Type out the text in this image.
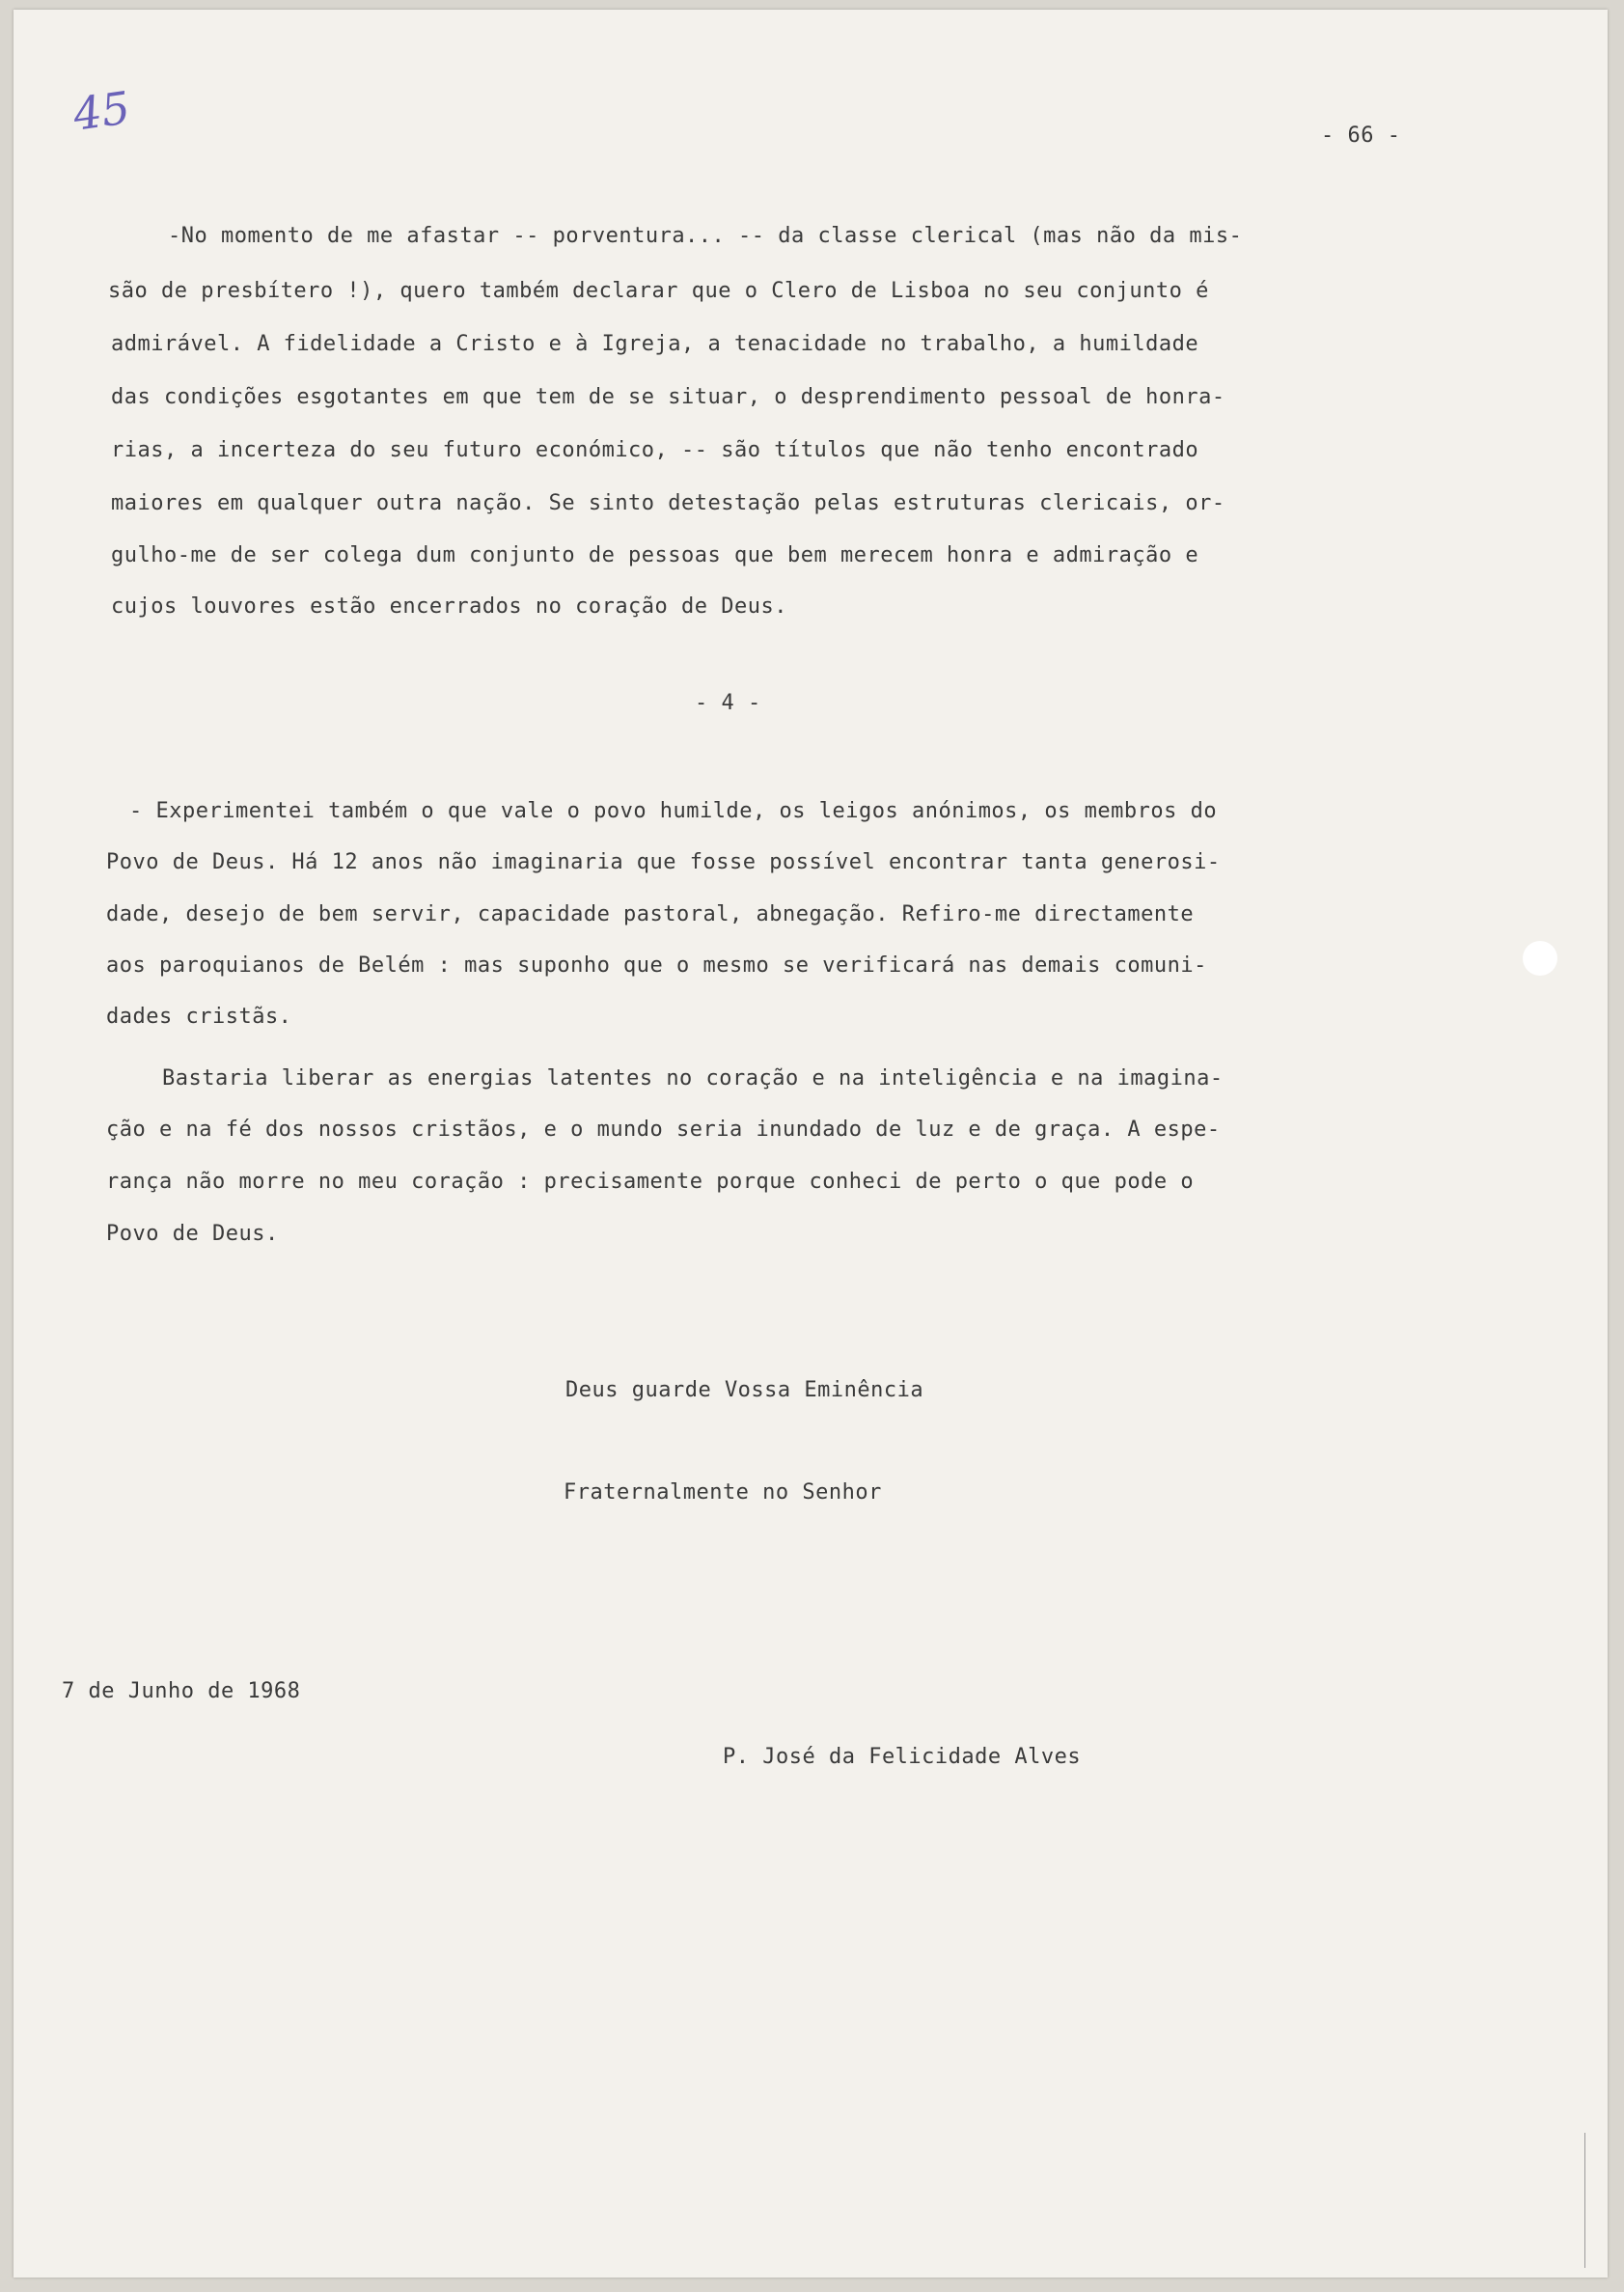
45	- 66 -
-No momento de me afastar -- porventura... -- da classe clerical (mas não da mis-
são de presbítero !), quero também declarar que o Clero de Lisboa no seu conjunto é
admirável. A fidelidade a Cristo e à Igreja, a tenacidade no trabalho, a humildade
das condições esgotantes em que tem de se situar, o desprendimento pessoal de honra-
rias, a incerteza do seu futuro económico, -- são títulos que não tenho encontrado
maiores em qualquer outra nação. Se sinto detestação pelas estruturas clericais, or-
gulho-me de ser colega dum conjunto de pessoas que bem merecem honra e admiração e
cujos louvores estão encerrados no coração de Deus.
- 4 -
- Experimentei também o que vale o povo humilde, os leigos anónimos, os membros do
Povo de Deus. Há 12 anos não imaginaria que fosse possível encontrar tanta generosi-
dade, desejo de bem servir, capacidade pastoral, abnegação. Refiro-me directamente
aos paroquianos de Belém : mas suponho que o mesmo se verificará nas demais comuni-
dades cristãs.
Bastaria liberar as energias latentes no coração e na inteligência e na imagina-
ção e na fé dos nossos cristãos, e o mundo seria inundado de luz e de graça. A espe-
rança não morre no meu coração : precisamente porque conheci de perto o que pode o
Povo de Deus.
Deus guarde Vossa Eminência
Fraternalmente no Senhor
7 de Junho de 1968
P. José da Felicidade Alves
